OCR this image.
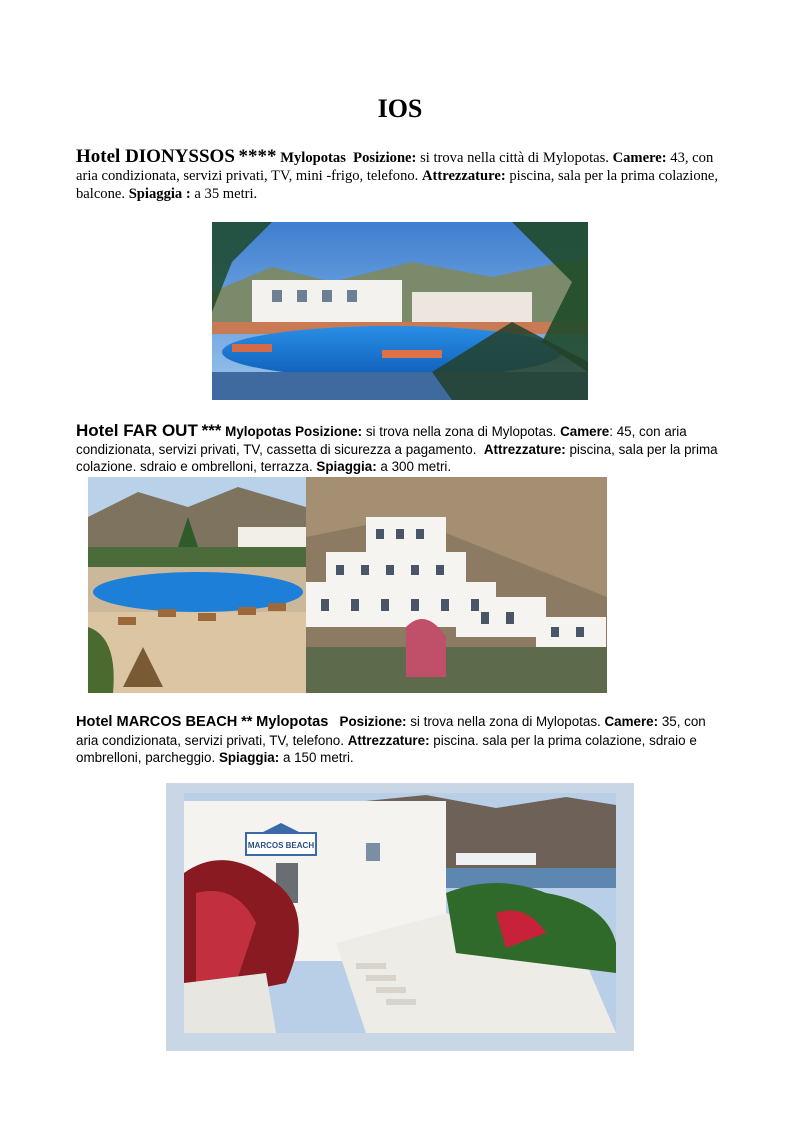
IOS

Hotel DIONYSSOS **** Mylopotas Posizione: si trova nella città di Mylopotas. Camere: 43, con aria condizionata, servizi privati, TV, mini -frigo, telefono. Attrezzature: piscina, sala per la prima colazione, balcone. Spiaggia : a 35 metri.

Hotel FAR OUT *** Mylopotas Posizione: si trova nella zona di Mylopotas. Camere: 45, con aria condizionata, servizi privati, TV, cassetta di sicurezza a pagamento. Attrezzature: piscina, sala per la prima colazione. sdraio e ombrelloni, terrazza. Spiaggia: a 300 metri.

Hotel MARCOS BEACH ** Mylopotas Posizione: si trova nella zona di Mylopotas. Camere: 35, con aria condizionata, servizi privati, TV, telefono. Attrezzature: piscina. sala per la prima colazione, sdraio e ombrelloni, parcheggio. Spiaggia: a 150 metri.

MARCOS BEACH
